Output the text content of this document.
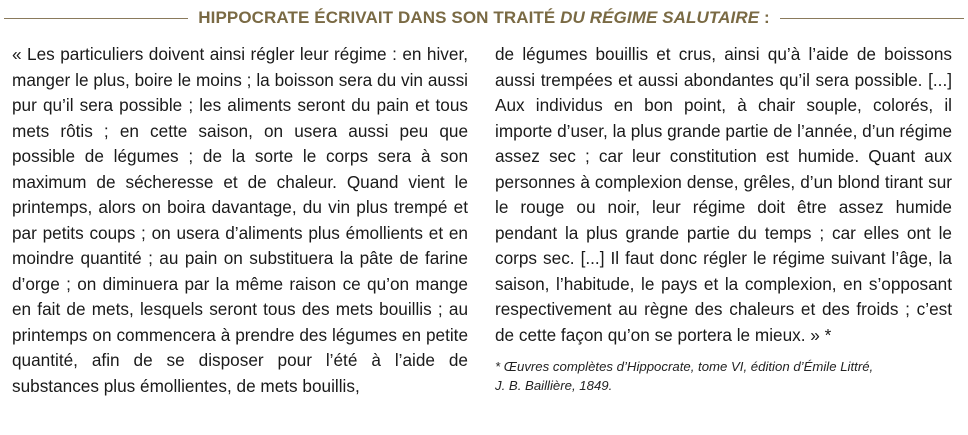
HIPPOCRATE ÉCRIVAIT DANS SON TRAITÉ DU RÉGIME SALUTAIRE :

« Les particuliers doivent ainsi régler leur régime : en hiver, manger le plus, boire le moins ; la boisson sera du vin aussi pur qu’il sera possible ; les aliments seront du pain et tous mets rôtis ; en cette saison, on usera aussi peu que possible de légumes ; de la sorte le corps sera à son maximum de sécheresse et de chaleur. Quand vient le printemps, alors on boira davantage, du vin plus trempé et par petits coups ; on usera d’aliments plus émollients et en moindre quantité ; au pain on substituera la pâte de farine d’orge ; on diminuera par la même raison ce qu’on mange en fait de mets, lesquels seront tous des mets bouillis ; au printemps on commencera à prendre des légumes en petite quantité, afin de se disposer pour l’été à l’aide de substances plus émollientes, de mets bouillis,

de légumes bouillis et crus, ainsi qu’à l’aide de boissons aussi trempées et aussi abondantes qu’il sera possible. [...] Aux individus en bon point, à chair souple, colorés, il importe d’user, la plus grande partie de l’année, d’un régime assez sec ; car leur constitution est humide. Quant aux personnes à complexion dense, grêles, d’un blond tirant sur le rouge ou noir, leur régime doit être assez humide pendant la plus grande partie du temps ; car elles ont le corps sec. [...] Il faut donc régler le régime suivant l’âge, la saison, l’habitude, le pays et la complexion, en s’opposant respectivement au règne des chaleurs et des froids ; c’est de cette façon qu’on se portera le mieux. » *

* Œuvres complètes d’Hippocrate, tome VI, édition d’Émile Littré,
J. B. Baillière, 1849.
